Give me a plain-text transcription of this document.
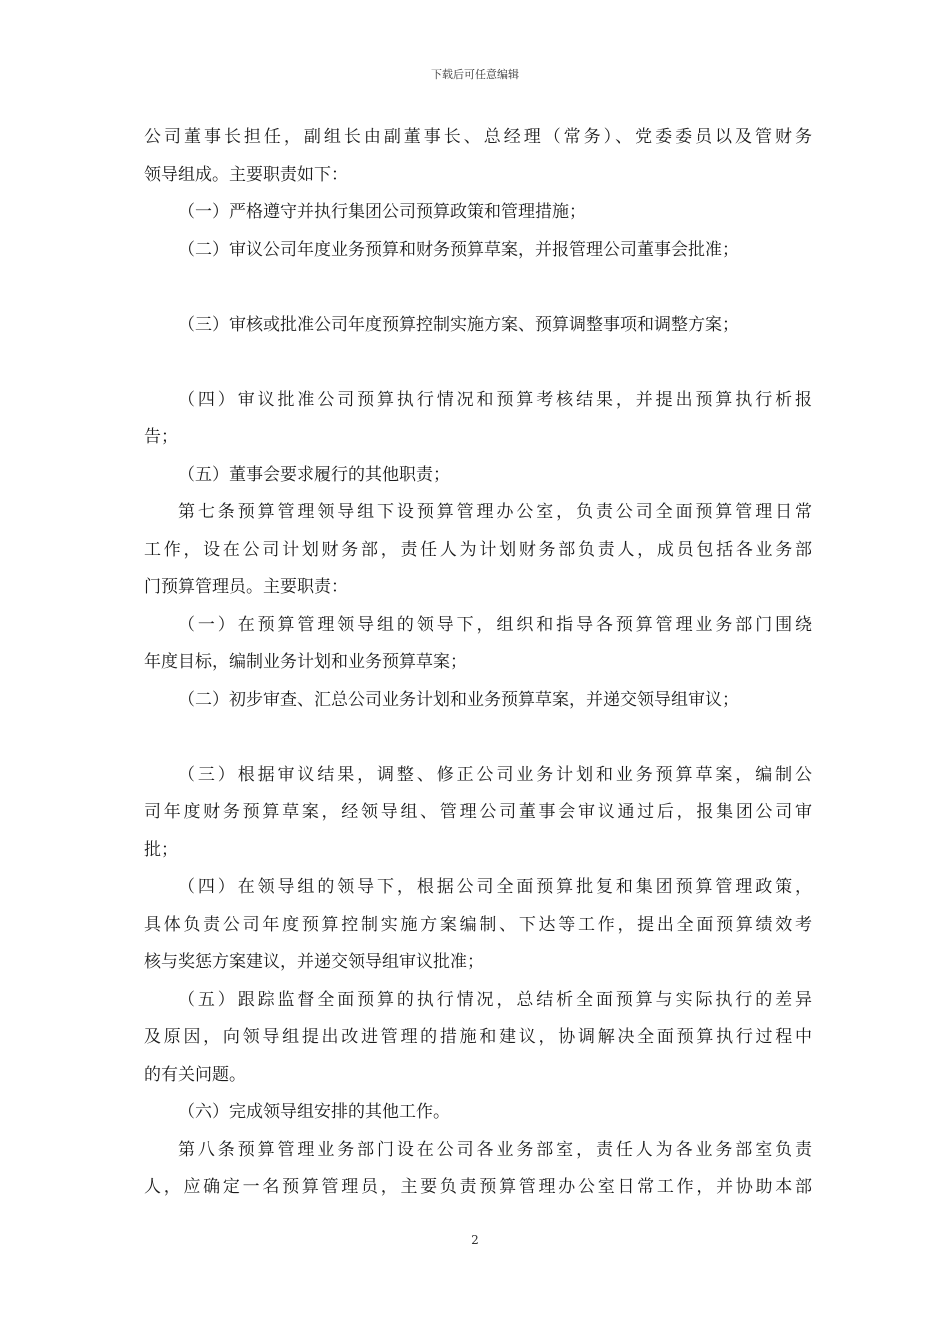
下载后可任意编辑
公司董事长担任，副组长由副董事长、总经理（常务）、党委委员以及管财务
领导组成。主要职责如下：
（一）严格遵守并执行集团公司预算政策和管理措施；
（二）审议公司年度业务预算和财务预算草案，并报管理公司董事会批准；
（三）审核或批准公司年度预算控制实施方案、预算调整事项和调整方案；
（四）审议批准公司预算执行情况和预算考核结果，并提出预算执行析报
告；
（五）董事会要求履行的其他职责；
第七条预算管理领导组下设预算管理办公室，负责公司全面预算管理日常
工作，设在公司计划财务部，责任人为计划财务部负责人，成员包括各业务部
门预算管理员。主要职责：
（一）在预算管理领导组的领导下，组织和指导各预算管理业务部门围绕
年度目标，编制业务计划和业务预算草案；
（二）初步审查、汇总公司业务计划和业务预算草案，并递交领导组审议；
（三）根据审议结果，调整、修正公司业务计划和业务预算草案，编制公
司年度财务预算草案，经领导组、管理公司董事会审议通过后，报集团公司审
批；
（四）在领导组的领导下，根据公司全面预算批复和集团预算管理政策，
具体负责公司年度预算控制实施方案编制、下达等工作，提出全面预算绩效考
核与奖惩方案建议，并递交领导组审议批准；
（五）跟踪监督全面预算的执行情况，总结析全面预算与实际执行的差异
及原因，向领导组提出改进管理的措施和建议，协调解决全面预算执行过程中
的有关问题。
（六）完成领导组安排的其他工作。
第八条预算管理业务部门设在公司各业务部室，责任人为各业务部室负责
人，应确定一名预算管理员，主要负责预算管理办公室日常工作，并协助本部
2
